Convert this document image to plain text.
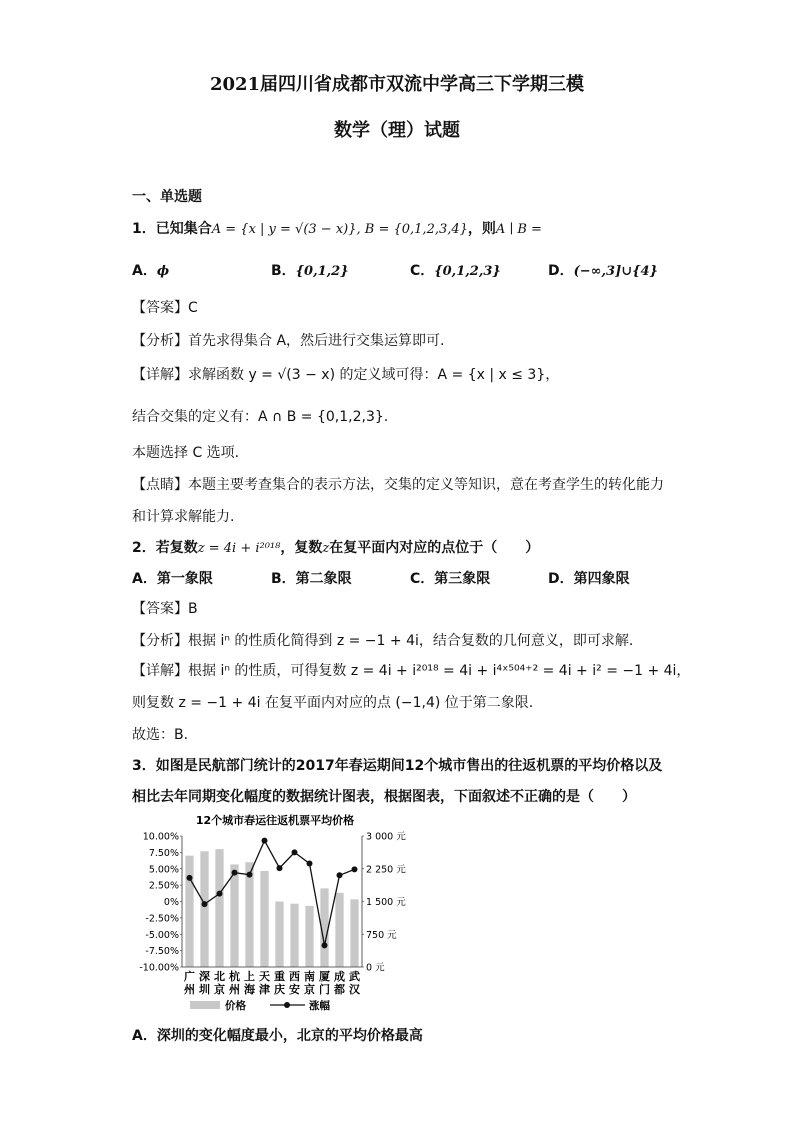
2021届四川省成都市双流中学高三下学期三模
数学（理）试题
一、单选题
1．已知集合A = {x | y = √(3 − x)}, B = {0,1,2,3,4}，则A ∣ B =
A．ϕ	B．{0,1,2}	C．{0,1,2,3}	D．(−∞,3]∪{4}
【答案】C
【分析】首先求得集合 A，然后进行交集运算即可.
【详解】求解函数 y = √(3 − x) 的定义域可得：A = {x | x ≤ 3}，
结合交集的定义有：A ∩ B = {0,1,2,3}.
本题选择 C 选项.
【点睛】本题主要考查集合的表示方法，交集的定义等知识，意在考查学生的转化能力
和计算求解能力.
2．若复数z = 4i + i²⁰¹⁸，复数z在复平面内对应的点位于（　　）
A．第一象限	B．第二象限	C．第三象限	D．第四象限
【答案】B
【分析】根据 iⁿ 的性质化简得到 z = −1 + 4i，结合复数的几何意义，即可求解.
【详解】根据 iⁿ 的性质，可得复数 z = 4i + i²⁰¹⁸ = 4i + i⁴ˣ⁵⁰⁴⁺² = 4i + i² = −1 + 4i，
则复数 z = −1 + 4i 在复平面内对应的点 (−1,4) 位于第二象限.
故选：B.
3．如图是民航部门统计的2017年春运期间12个城市售出的往返机票的平均价格以及
相比去年同期变化幅度的数据统计图表，根据图表，下面叙述不正确的是（　　）
12个城市春运往返机票平均价格
10.00%
7.50%
5.00%
2.50%
0%
-2.50%
-5.00%
-7.50%
-10.00%
3 000 元
2 250 元
1 500 元
750 元
0 元
广
州
深
圳
北
京
杭
州
上
海
天
津
重
庆
西
安
南
京
厦
门
成
都
武
汉
价格	涨幅
A．深圳的变化幅度最小，北京的平均价格最高
